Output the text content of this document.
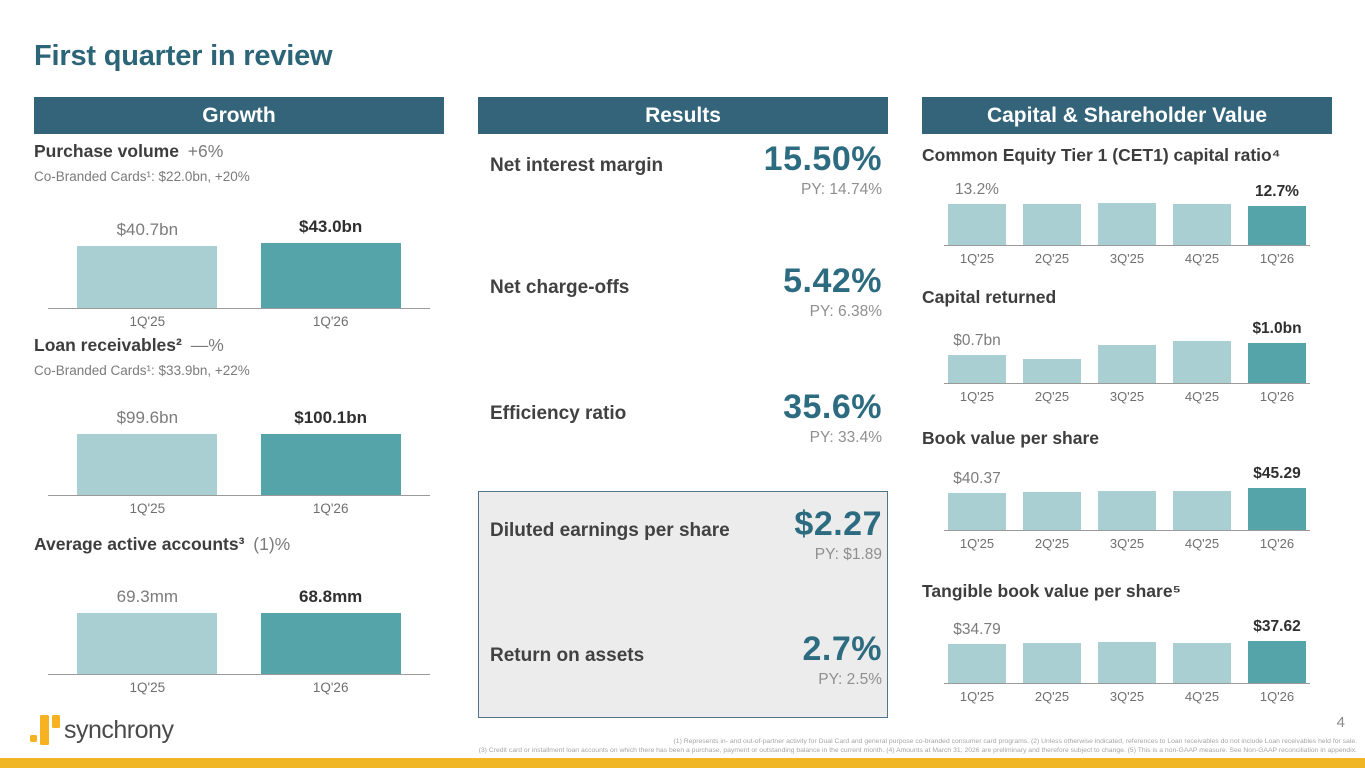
First quarter in review
Growth
Purchase volume +6%
Co-Branded Cards¹: $22.0bn, +20%
$40.7bn	$43.0bn
1Q'25	1Q'26
Loan receivables² —%
Co-Branded Cards¹: $33.9bn, +22%
$99.6bn	$100.1bn
1Q'25	1Q'26
Average active accounts³ (1)%
69.3mm	68.8mm
1Q'25	1Q'26
Results
Net interest margin	15.50%
PY: 14.74%
Net charge-offs	5.42%
PY: 6.38%
Efficiency ratio	35.6%
PY: 33.4%
Diluted earnings per share $2.27
PY: $1.89
Return on assets	2.7%
PY: 2.5%
Capital & Shareholder Value
Common Equity Tier 1 (CET1) capital ratio⁴
13.2%	12.7%
1Q'25	2Q'25	3Q'25	4Q'25	1Q'26
Capital returned
$0.7bn
$1.0bn
1Q'25	2Q'25	3Q'25	4Q'25	1Q'26
Book value per share
$40.37	$45.29
1Q'25	2Q'25	3Q'25	4Q'25	1Q'26
Tangible book value per share⁵
$34.79	$37.62
1Q'25	2Q'25	3Q'25	4Q'25	1Q'26
synchrony	(1) Represents in- and out-of-partner activity for Dual Card and general purpose co-branded consumer card programs. (2) Unless otherwise indicated, references to Loan receivables do not include Loan receivables held for sale.
(3) Credit card or installment loan accounts on which there has been a purchase, payment or outstanding balance in the current month. (4) Amounts at March 31, 2026 are preliminary and therefore subject to change. (5) This is a non-GAAP measure. See Non-GAAP reconciliation in appendix.
4
